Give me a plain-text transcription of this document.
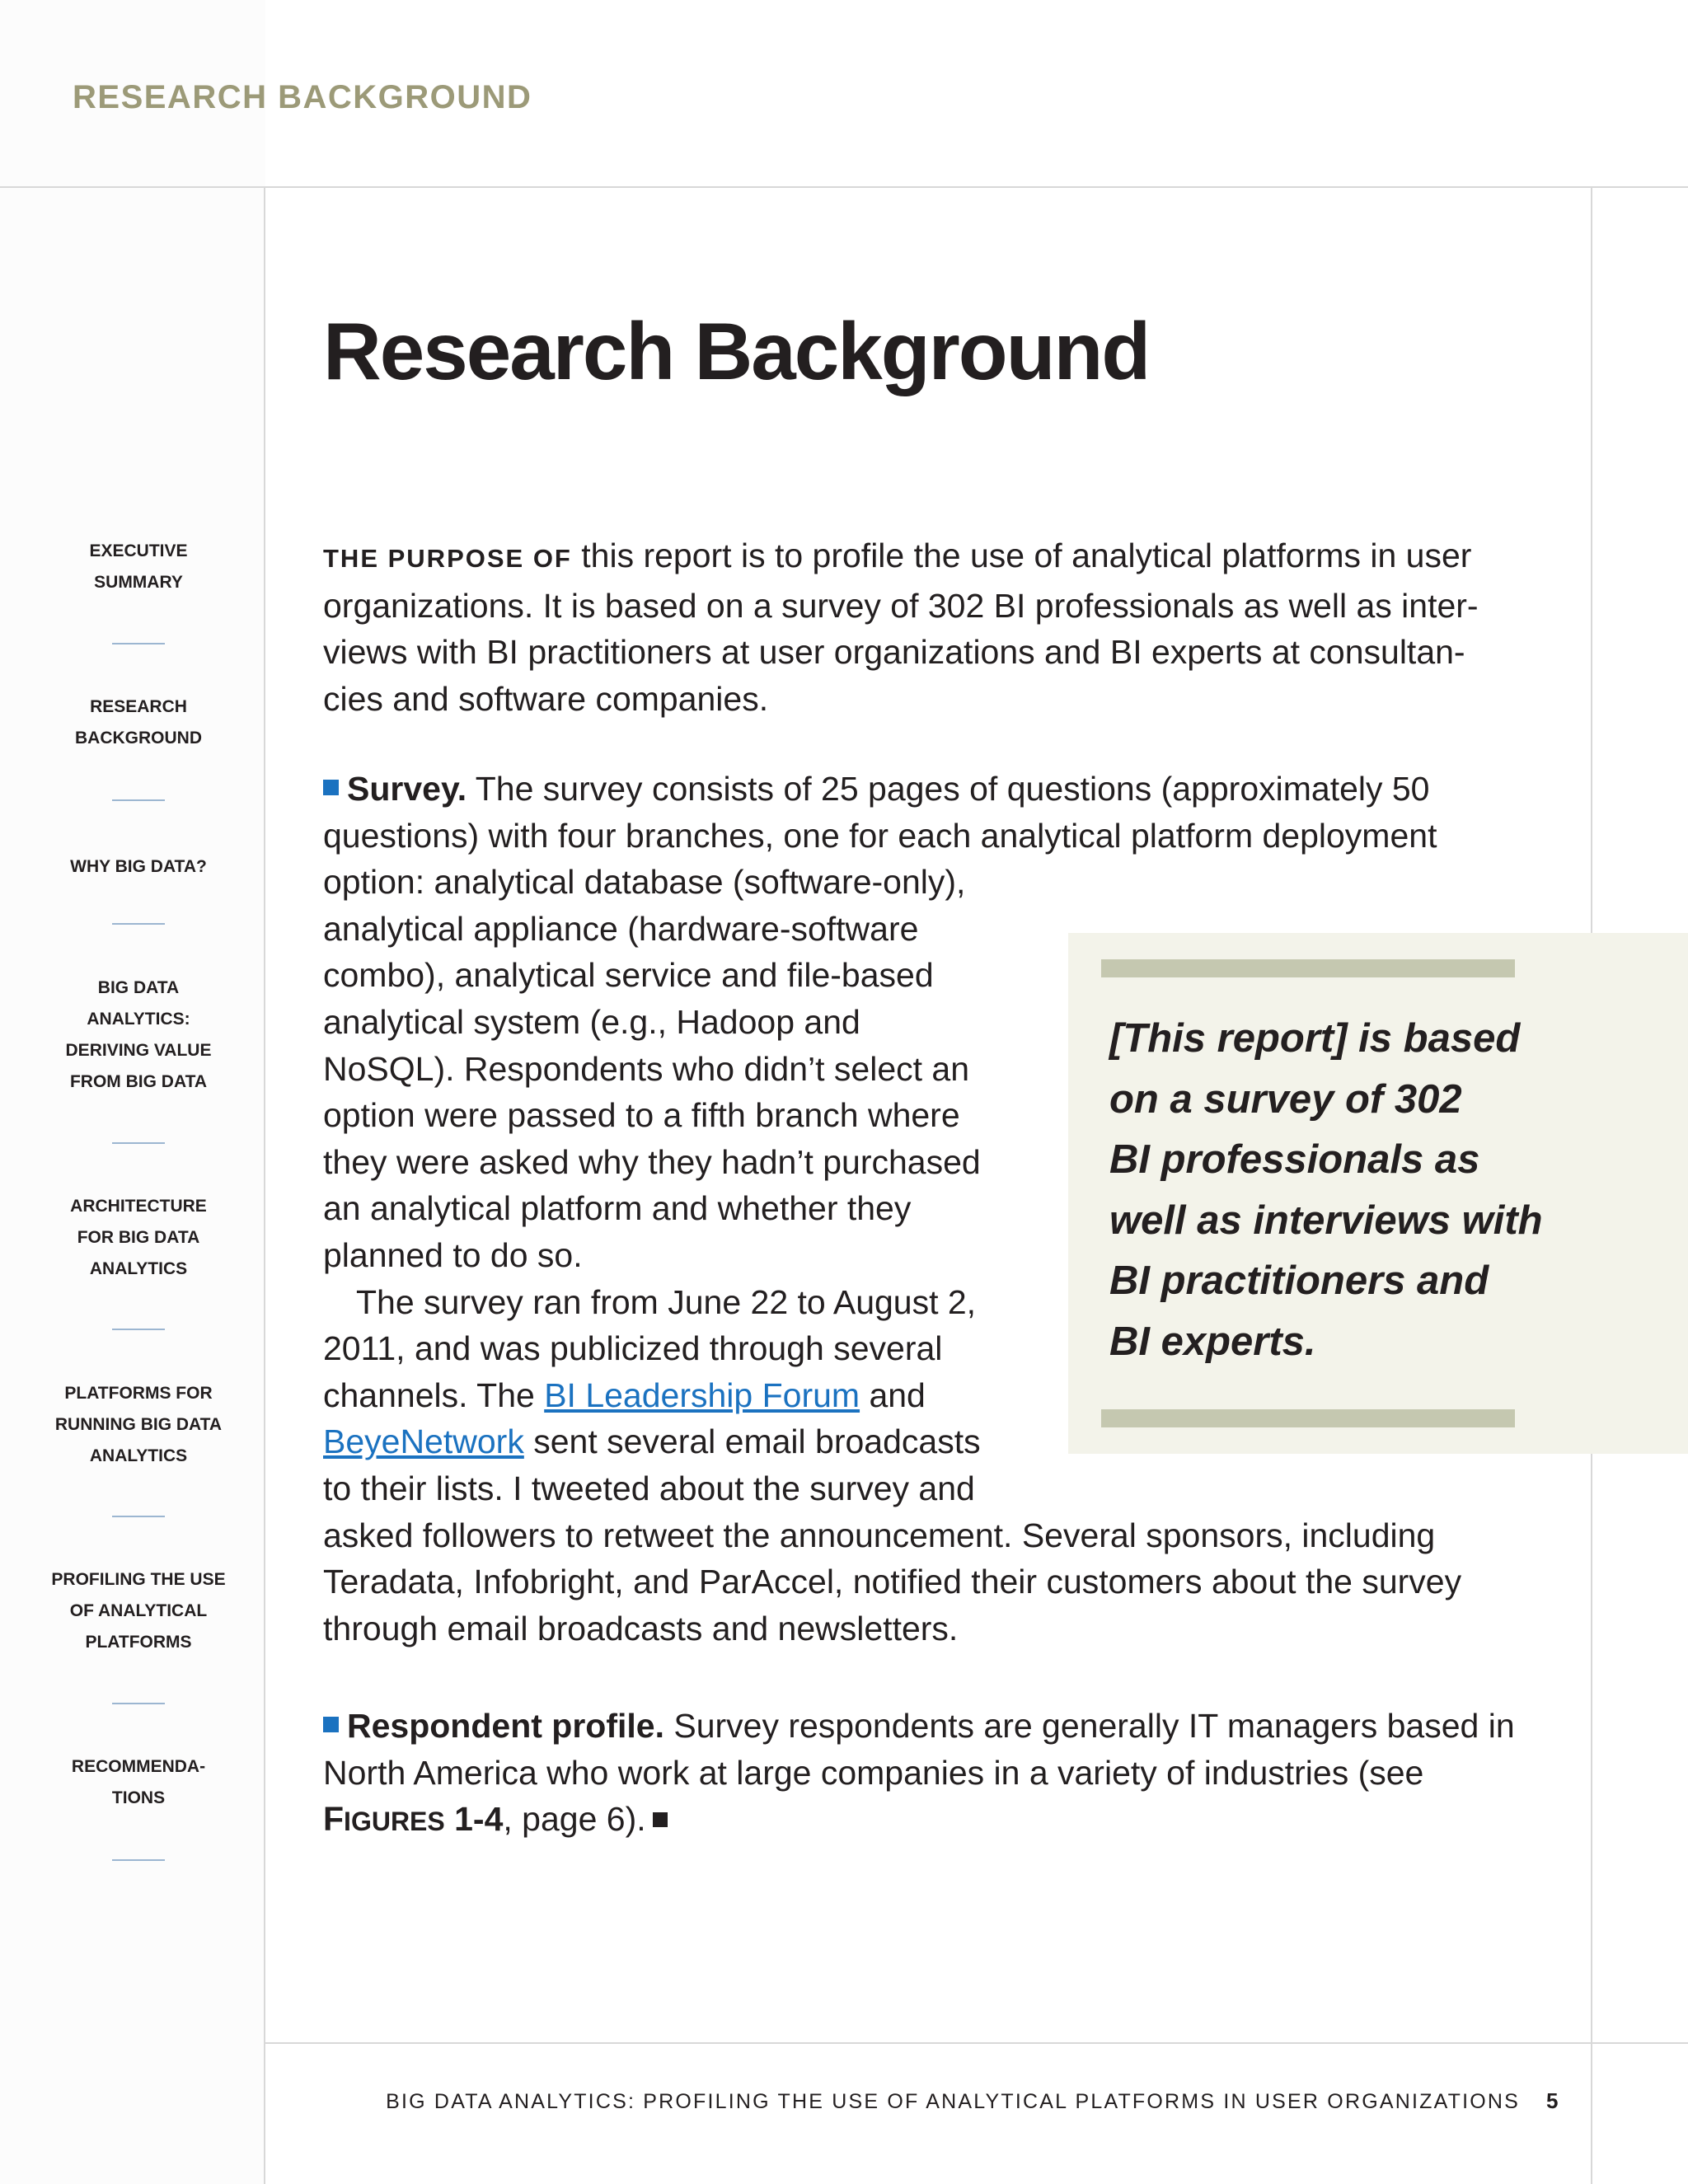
RESEARCH BACKGROUND

Research Background
EXECUTIVE
SUMMARY
RESEARCH
BACKGROUND
WHY BIG DATA?
BIG DATA
ANALYTICS:
DERIVING VALUE
FROM BIG DATA
ARCHITECTURE
FOR BIG DATA
ANALYTICS
PLATFORMS FOR
RUNNING BIG DATA
ANALYTICS
PROFILING THE USE
OF ANALYTICAL
PLATFORMS
RECOMMENDA-
TIONS

THE PURPOSE OF this report is to profile the use of analytical platforms in user
organizations. It is based on a survey of 302 BI professionals as well as inter-
views with BI practitioners at user organizations and BI experts at consultan-
cies and software companies.

Survey. The survey consists of 25 pages of questions (approximately 50
questions) with four branches, one for each analytical platform deployment
option: analytical database (software-only),
analytical appliance (hardware-software
combo), analytical service and file-based
analytical system (e.g., Hadoop and
NoSQL). Respondents who didn’t select an
option were passed to a fifth branch where
they were asked why they hadn’t purchased
an analytical platform and whether they
planned to do so.
The survey ran from June 22 to August 2,
2011, and was publicized through several
channels. The BI Leadership Forum and
BeyeNetwork sent several email broadcasts
to their lists. I tweeted about the survey and
asked followers to retweet the announcement. Several sponsors, including
Teradata, Infobright, and ParAccel, notified their customers about the survey
through email broadcasts and newsletters.

Respondent profile. Survey respondents are generally IT managers based in
North America who work at large companies in a variety of industries (see
FIGURES 1-4, page 6).

[This report] is based
on a survey of 302
BI professionals as
well as interviews with
BI practitioners and
BI experts.

BIG DATA ANALYTICS: PROFILING THE USE OF ANALYTICAL PLATFORMS IN USER ORGANIZATIONS 5
